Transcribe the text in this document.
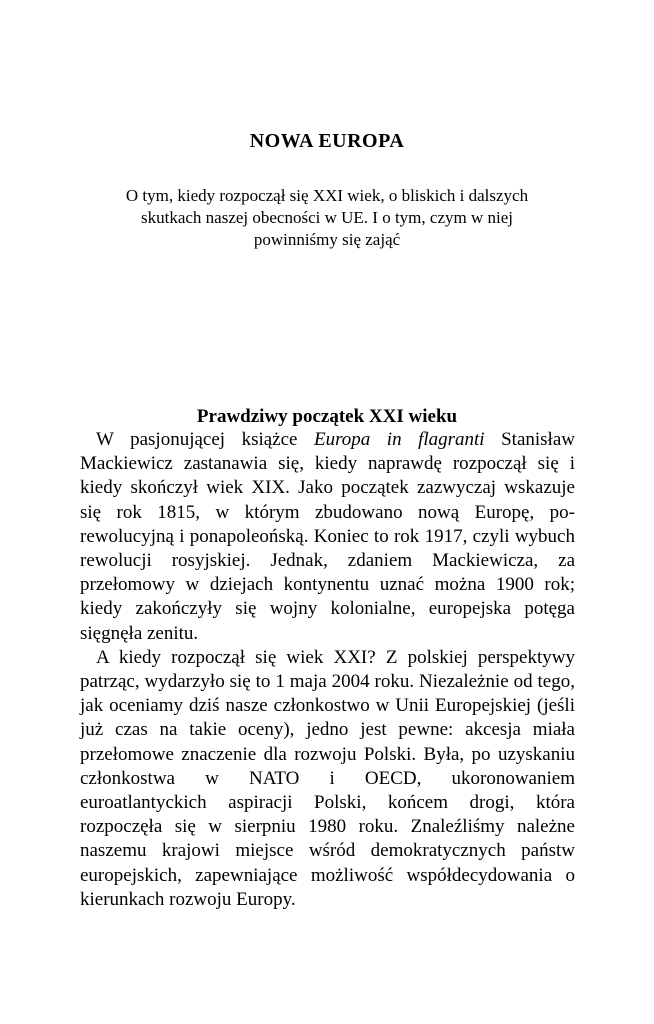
NOWA EUROPA

O tym, kiedy rozpoczął się XXI wiek, o bliskich i dalszych skutkach naszej obecności w UE. I o tym, czym w niej powinniśmy się zająć

Prawdziwy początek XXI wieku

W pasjonującej książce Europa in flagranti Stanisław Mackiewicz zastanawia się, kiedy naprawdę rozpoczął się i kiedy skończył wiek XIX. Jako początek zazwyczaj wskazuje się rok 1815, w którym zbudowano nową Europę, porewolucyjną i ponapoleońską. Koniec to rok 1917, czyli wybuch rewolucji rosyjskiej. Jednak, zdaniem Mackiewicza, za przełomowy w dziejach kontynentu uznać można 1900 rok; kiedy zakończyły się wojny kolonialne, europejska potęga sięgnęła zenitu.

A kiedy rozpoczął się wiek XXI? Z polskiej perspektywy patrząc, wydarzyło się to 1 maja 2004 roku. Niezależnie od tego, jak oceniamy dziś nasze członkostwo w Unii Europejskiej (jeśli już czas na takie oceny), jedno jest pewne: akcesja miała przełomowe znaczenie dla rozwoju Polski. Była, po uzyskaniu członkostwa w NATO i OECD, ukoronowaniem euroatlantyckich aspiracji Polski, końcem drogi, która rozpoczęła się w sierpniu 1980 roku. Znaleźliśmy należne naszemu krajowi miejsce wśród demokratycznych państw europejskich, zapewniające możliwość współdecydowania o kierunkach rozwoju Europy.
